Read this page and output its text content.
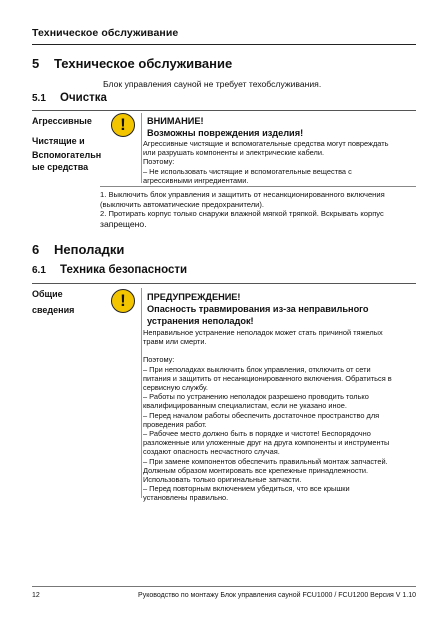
Техническое обслуживание
5 Техническое обслуживание
Блок управления сауной не требует техобслуживания.
5.1 Очистка
Агрессивные
Чистящие и
Вспомогательные средства
!	ВНИМАНИЕ!
Возможны повреждения изделия!

Агрессивные чистящие и вспомогательные средства могут повреждать или разрушать компоненты и электрические кабели.

Поэтому:

– Не использовать чистящие и вспомогательные вещества с агрессивными ингредиентами.

1. Выключить блок управления и защитить от несанкционированного включения (выключить автоматические предохранители).
2. Протирать корпус только снаружи влажной мягкой тряпкой. Вскрывать корпус
запрещено.
6 Неполадки
6.1 Техника безопасности
Общие
сведения	!	ПРЕДУПРЕЖДЕНИЕ!
Опасность травмирования из-за неправильного
устранения неполадок!

Неправильное устранение неполадок может стать причиной тяжелых травм или смерти.

Поэтому:

– При неполадках выключить блок управления, отключить от сети питания и защитить от несанкционированного включения. Обратиться в сервисную службу.

– Работы по устранению неполадок разрешено проводить только квалифицированным специалистам, если не указано иное.

– Перед началом работы обеспечить достаточное пространство для проведения работ.

– Рабочее место должно быть в порядке и чистоте! Беспорядочно разложенные или уложенные друг на друга компоненты и инструменты создают опасность несчастного случая.

– При замене компонентов обеспечить правильный монтаж запчастей. Должным образом монтировать все крепежные принадлежности. Использовать только оригинальные запчасти.

– Перед повторным включением убедиться, что все крышки установлены правильно.

12	Руководство по монтажу Блок управления сауной FCU1000 / FCU1200 Версия V 1.10
